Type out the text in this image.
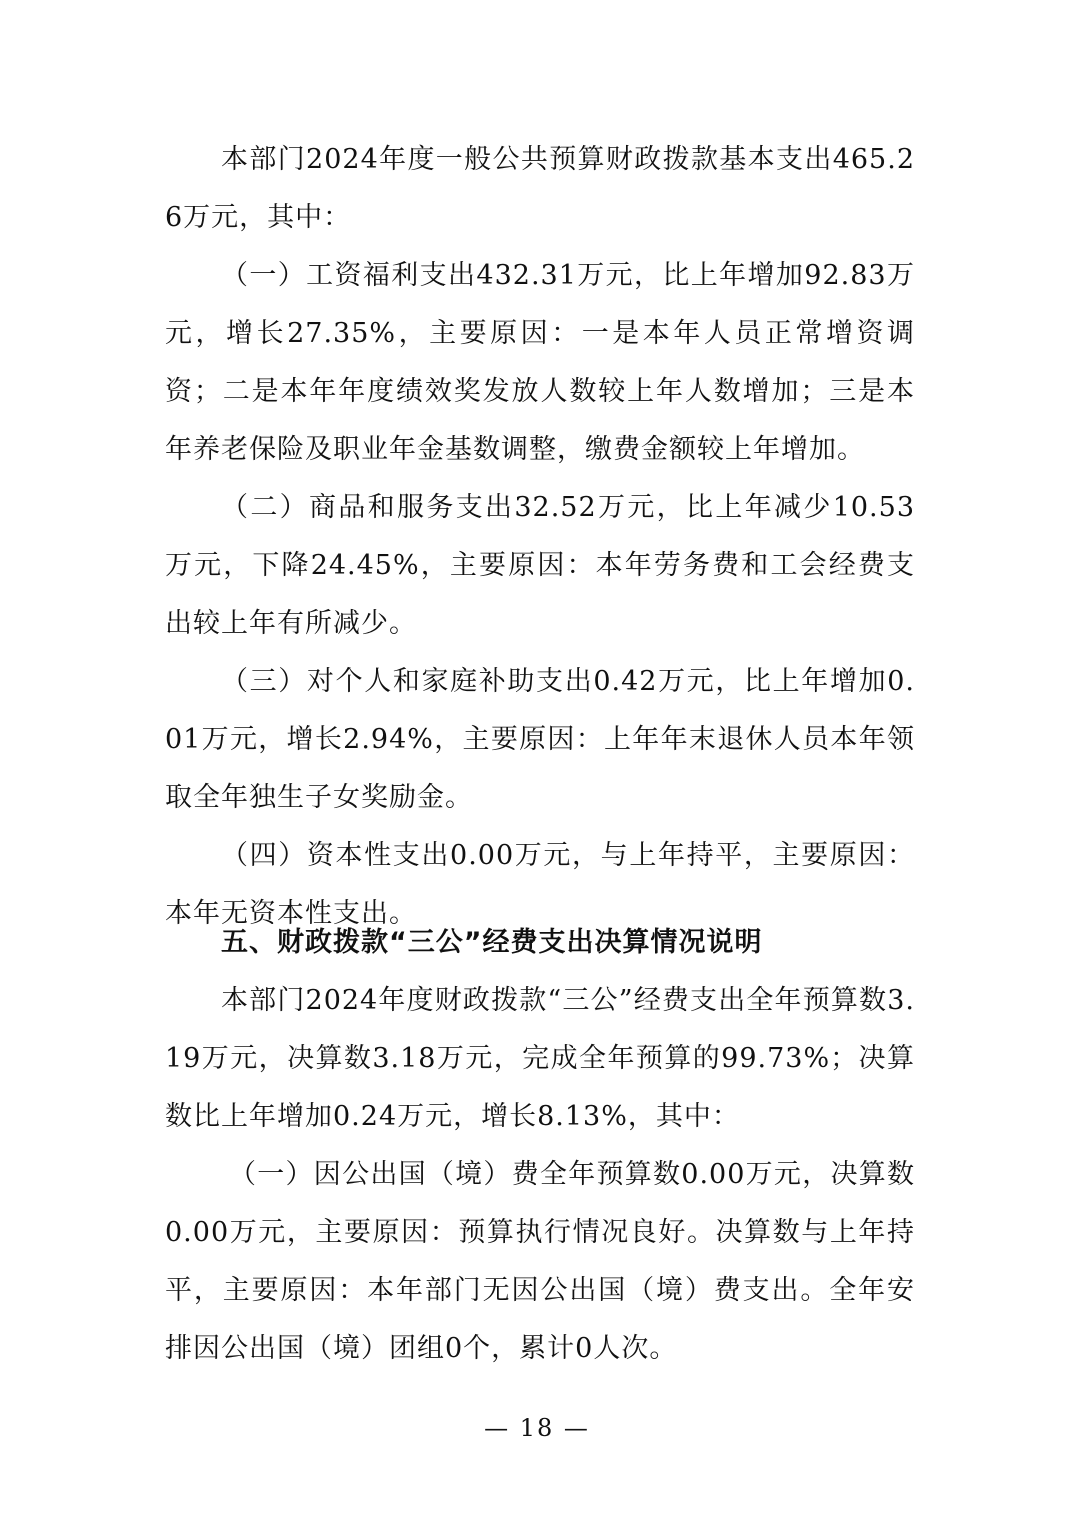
本部门2024年度一般公共预算财政拨款基本支出465.26万元，其中：

（一）工资福利支出432.31万元，比上年增加92.83万元，增长27.35%，主要原因：一是本年人员正常增资调资；二是本年年度绩效奖发放人数较上年人数增加；三是本年养老保险及职业年金基数调整，缴费金额较上年增加。

（二）商品和服务支出32.52万元，比上年减少10.53万元，下降24.45%，主要原因：本年劳务费和工会经费支出较上年有所减少。

（三）对个人和家庭补助支出0.42万元，比上年增加0.01万元，增长2.94%，主要原因：上年年末退休人员本年领取全年独生子女奖励金。

（四）资本性支出0.00万元，与上年持平，主要原因：本年无资本性支出。

五、财政拨款“三公”经费支出决算情况说明

本部门2024年度财政拨款“三公”经费支出全年预算数3.19万元，决算数3.18万元，完成全年预算的99.73%；决算数比上年增加0.24万元，增长8.13%，其中：

（一）因公出国（境）费全年预算数0.00万元，决算数0.00万元，主要原因：预算执行情况良好。决算数与上年持平，主要原因：本年部门无因公出国（境）费支出。全年安排因公出国（境）团组0个，累计0人次。

— 18 —
